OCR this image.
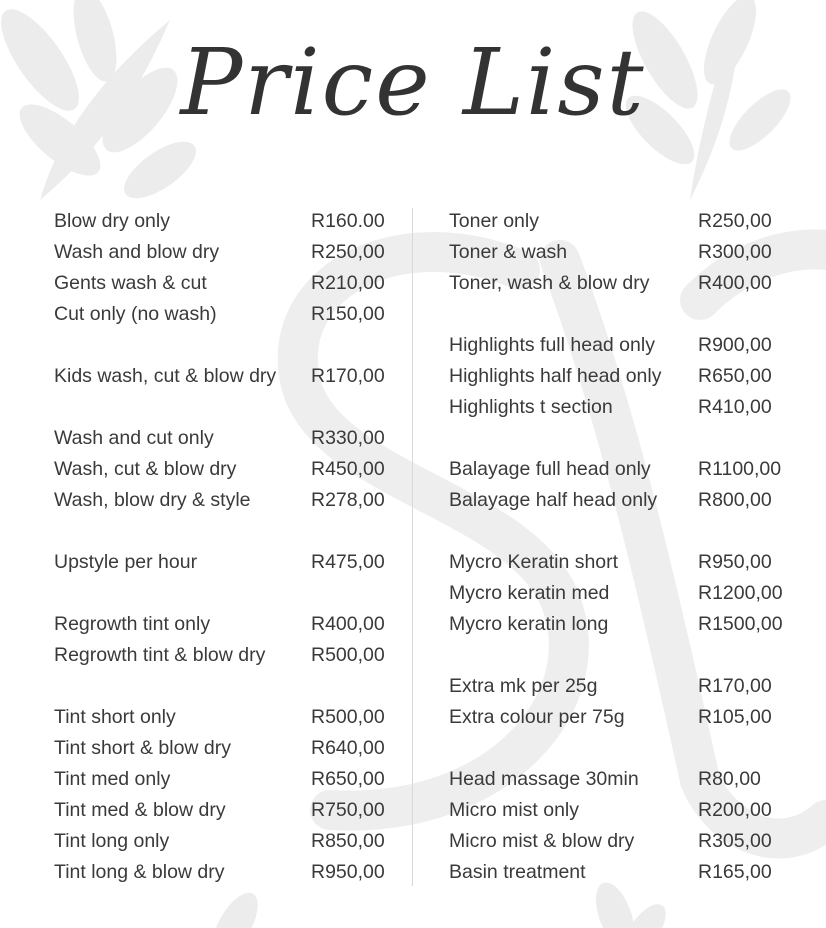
Price List
Blow dry only	R160.00
Wash and blow dry	R250,00
Gents wash & cut	R210,00
Cut only (no wash)	R150,00
Kids wash, cut & blow dry R170,00
Wash and cut only	R330,00
Wash, cut & blow dry	R450,00
Wash, blow dry & style	R278,00
Upstyle per hour	R475,00
Regrowth tint only	R400,00
Regrowth tint & blow dry R500,00
Tint short only	R500,00
Tint short & blow dry	R640,00
Tint med only	R650,00
Tint med & blow dry	R750,00
Tint long only	R850,00
Tint long & blow dry	R950,00
Toner only	R250,00
Toner & wash	R300,00
Toner, wash & blow dry R400,00
Highlights full head only R900,00
Highlights half head only R650,00
Highlights t section	R410,00
Balayage full head only R1100,00
Balayage half head only R800,00
Mycro Keratin short	R950,00
Mycro keratin med	R1200,00
Mycro keratin long	R1500,00
Extra mk per 25g	R170,00
Extra colour per 75g	R105,00
Head massage 30min	R80,00
Micro mist only	R200,00
Micro mist & blow dry	R305,00
Basin treatment	R165,00
